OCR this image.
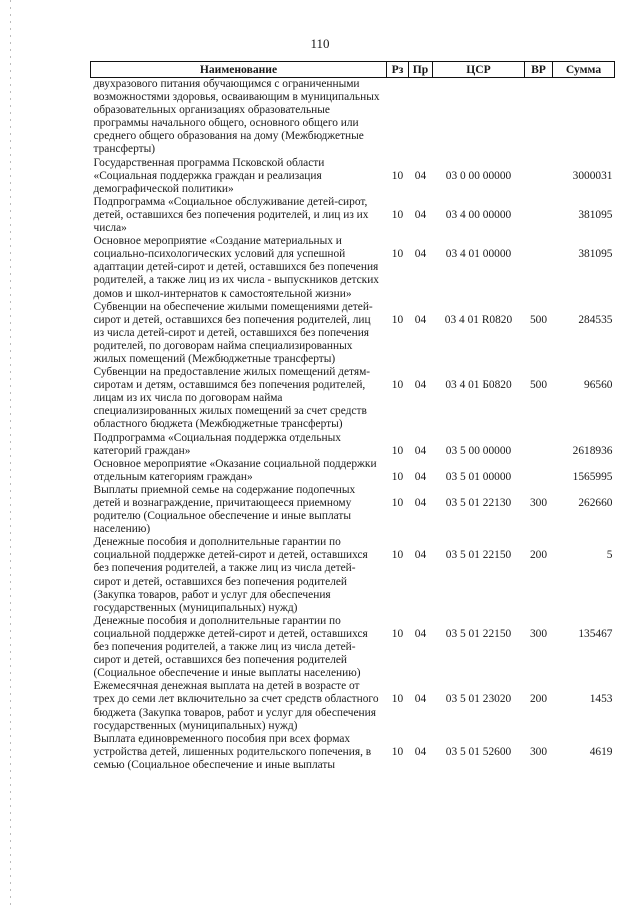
110
Наименование	Рз	Пр	ЦСР	ВР	Сумма
двухразового питания обучающимся с ограниченными возможностями здоровья, осваивающим в муниципальных образовательных организациях образовательные программы начального общего, основного общего или среднего общего образования на дому (Межбюджетные трансферты)					
Государственная программа Псковской области «Социальная поддержка граждан и реализация демографической политики»	10	04	03 0 00 00000		3000031
Подпрограмма «Социальное обслуживание детей-сирот, детей, оставшихся без попечения родителей, и лиц из их числа»	10	04	03 4 00 00000		381095
Основное мероприятие «Создание материальных и социально-психологических условий для успешной адаптации детей-сирот и детей, оставшихся без попечения родителей, а также лиц из их числа - выпускников детских домов и школ-интернатов к самостоятельной жизни»	10	04	03 4 01 00000		381095
Субвенции на обеспечение жилыми помещениями детей-сирот и детей, оставшихся без попечения родителей, лиц из числа детей-сирот и детей, оставшихся без попечения родителей, по договорам найма специализированных жилых помещений (Межбюджетные трансферты)	10	04	03 4 01 R0820	500	284535
Субвенции на предоставление жилых помещений детям-сиротам и детям, оставшимся без попечения родителей, лицам из их числа по договорам найма специализированных жилых помещений за счет средств областного бюджета (Межбюджетные трансферты)	10	04	03 4 01 Б0820	500	96560
Подпрограмма «Социальная поддержка отдельных категорий граждан»	10	04	03 5 00 00000		2618936
Основное мероприятие «Оказание социальной поддержки отдельным категориям граждан»	10	04	03 5 01 00000		1565995
Выплаты приемной семье на содержание подопечных детей и вознаграждение, причитающееся приемному родителю (Социальное обеспечение и иные выплаты населению)	10	04	03 5 01 22130	300	262660
Денежные пособия и дополнительные гарантии по социальной поддержке детей-сирот и детей, оставшихся без попечения родителей, а также лиц из числа детей-сирот и детей, оставшихся без попечения родителей (Закупка товаров, работ и услуг для обеспечения государственных (муниципальных) нужд)	10	04	03 5 01 22150	200	5
Денежные пособия и дополнительные гарантии по социальной поддержке детей-сирот и детей, оставшихся без попечения родителей, а также лиц из числа детей-сирот и детей, оставшихся без попечения родителей (Социальное обеспечение и иные выплаты населению)	10	04	03 5 01 22150	300	135467
Ежемесячная денежная выплата на детей в возрасте от трех до семи лет включительно за счет средств областного бюджета (Закупка товаров, работ и услуг для обеспечения государственных (муниципальных) нужд)	10	04	03 5 01 23020	200	1453
Выплата единовременного пособия при всех формах устройства детей, лишенных родительского попечения, в семью (Социальное обеспечение и иные выплаты	10	04	03 5 01 52600	300	4619
